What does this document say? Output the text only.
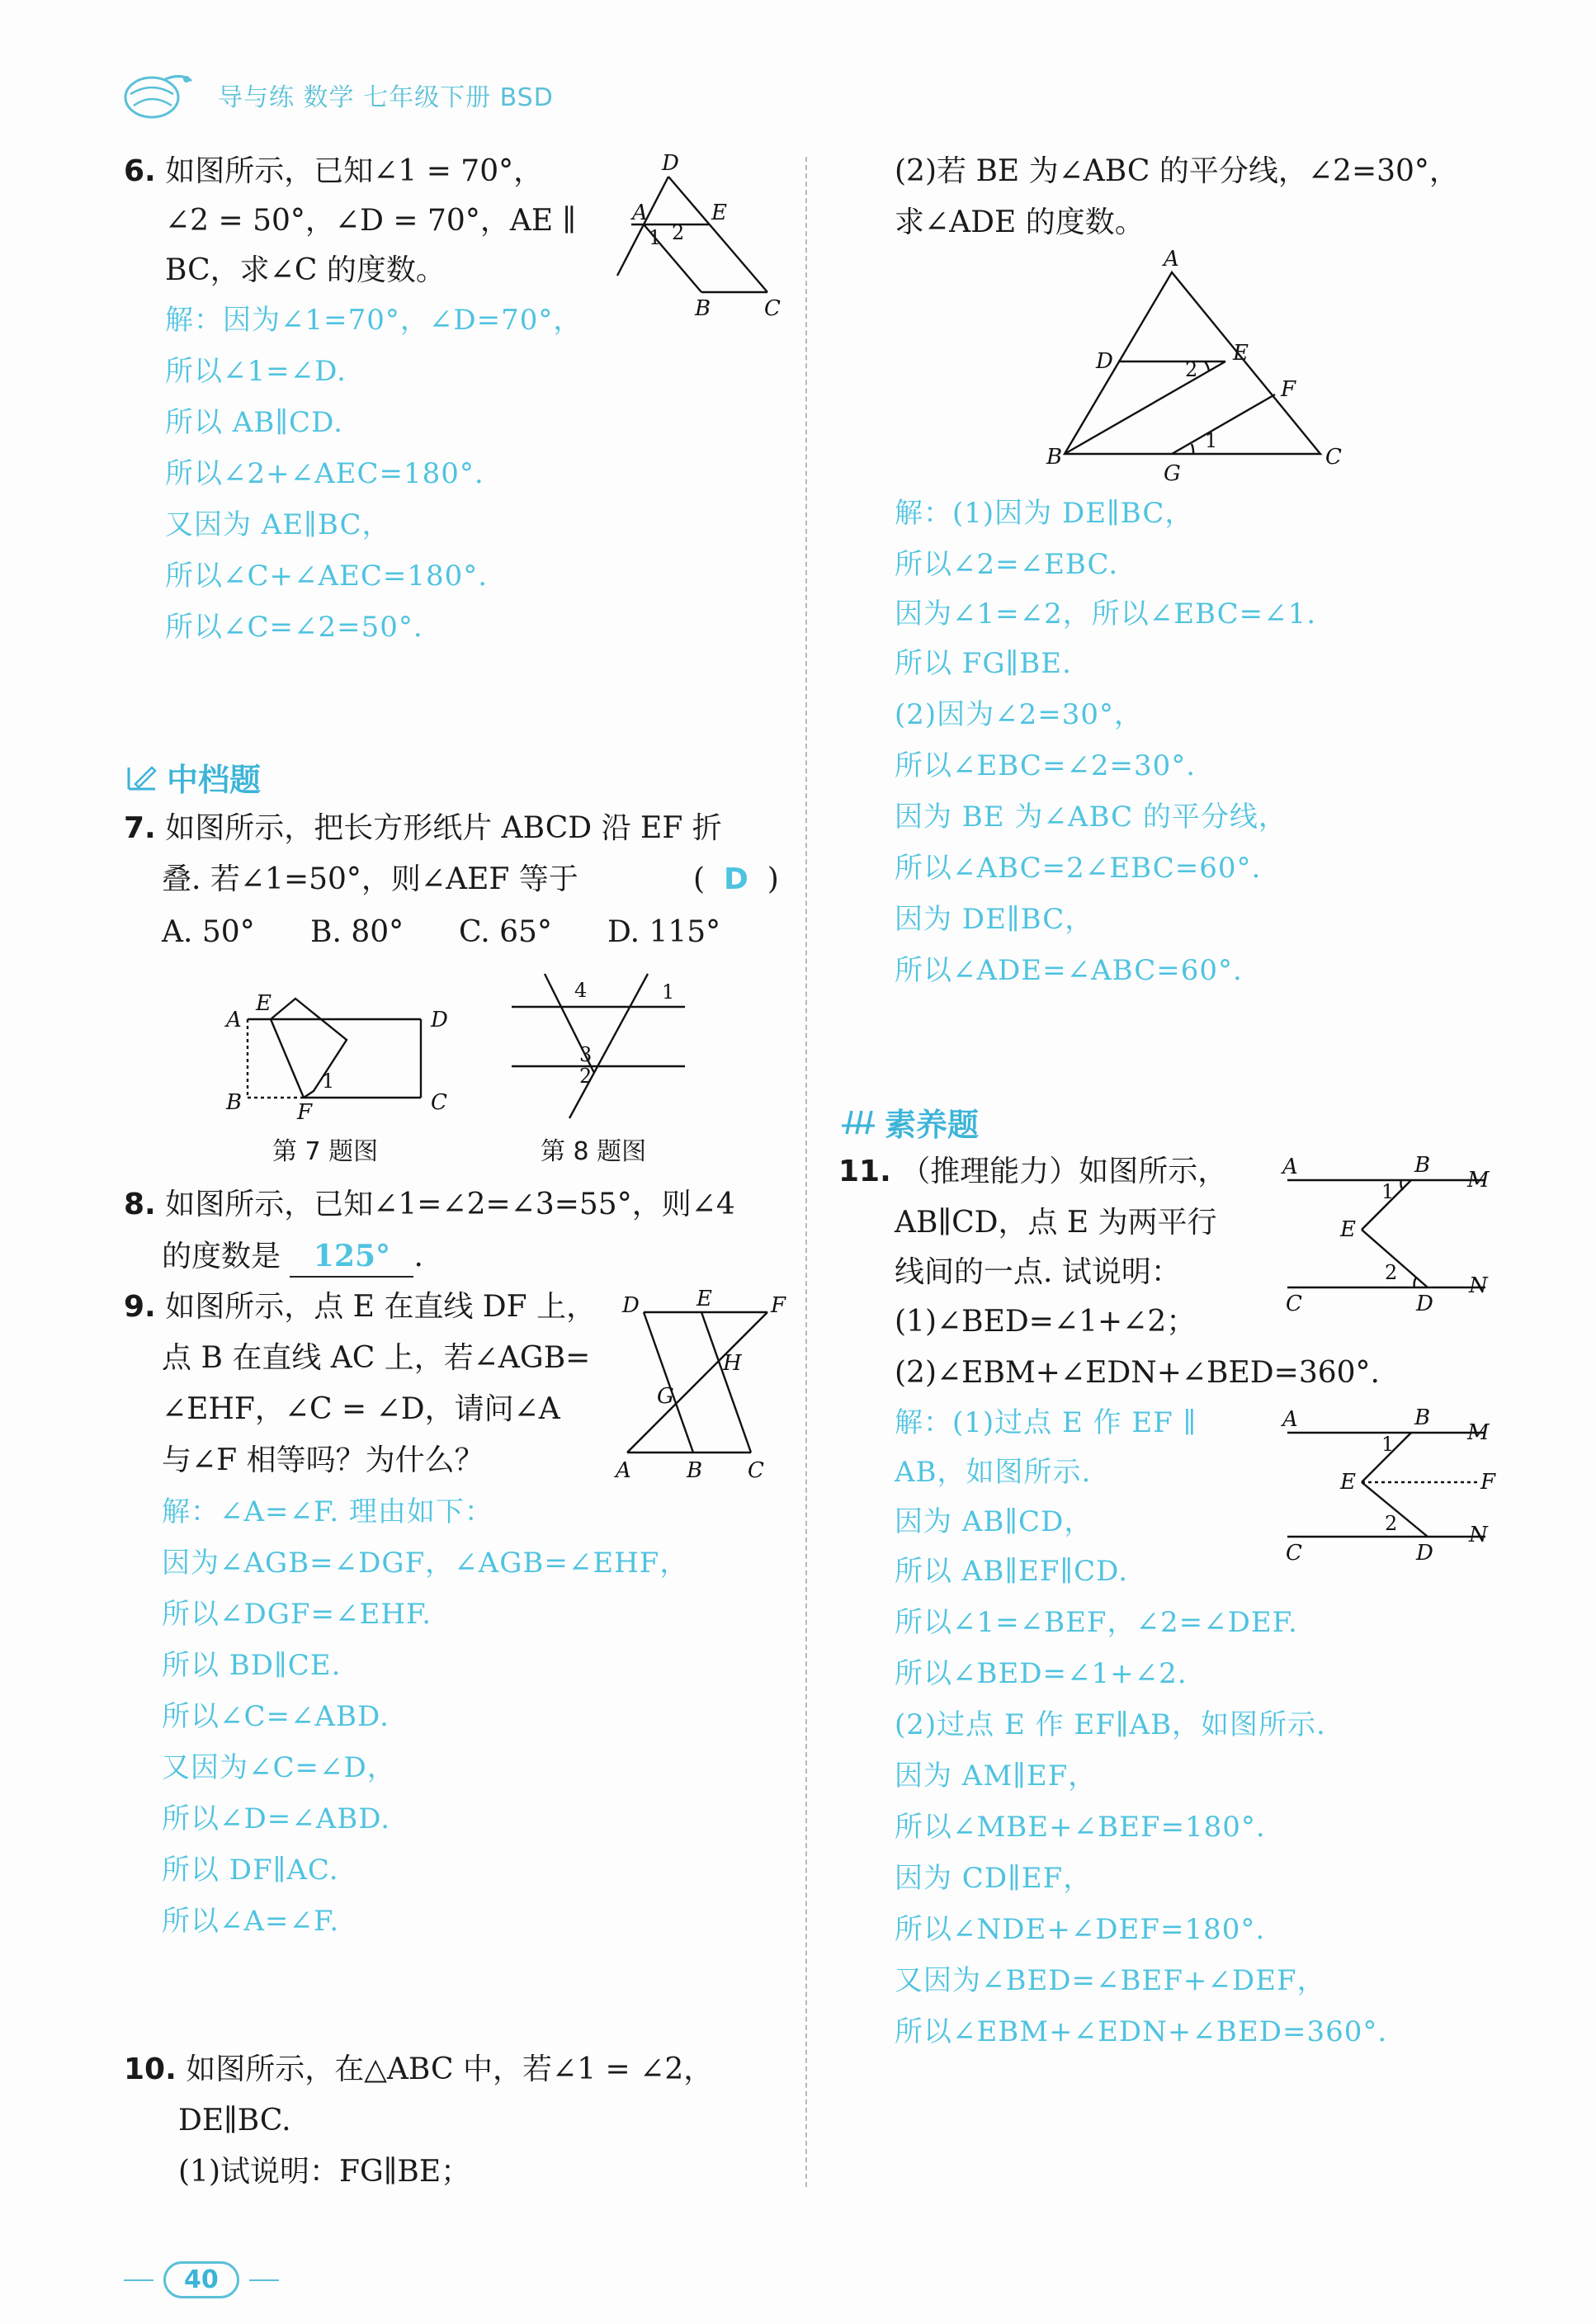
导与练 数学 七年级下册 BSD
6. 如图所示，已知∠1 = 70°，
∠2 = 50°，∠D = 70°，AE ∥
BC，求∠C 的度数。
解：因为∠1=70°，∠D=70°，
所以∠1=∠D.
所以 AB∥CD.
所以∠2+∠AEC=180°.
又因为 AE∥BC，
所以∠C+∠AEC=180°.
所以∠C=∠2=50°.
D
A	E
1 2
B C
中档题
7. 如图所示，把长方形纸片 ABCD 沿 EF 折
叠. 若∠1=50°，则∠AEF 等于	( D )
A. 50° B. 80° C. 65° D. 115°
A
E
D
B	F	C
1
第 7 题图
4	1
3
2
第 8 题图
8. 如图所示，已知∠1=∠2=∠3=55°，则∠4
的度数是 125° .
9. 如图所示，点 E 在直线 DF 上，
点 B 在直线 AC 上，若∠AGB=
∠EHF，∠C = ∠D，请问∠A
与∠F 相等吗？为什么？
解：∠A=∠F. 理由如下：
因为∠AGB=∠DGF，∠AGB=∠EHF，
所以∠DGF=∠EHF.
所以 BD∥CE.
所以∠C=∠ABD.
又因为∠C=∠D，
所以∠D=∠ABD.
所以 DF∥AC.
所以∠A=∠F.
D	E	F
H
G
A	B C
10. 如图所示，在△ABC 中，若∠1 = ∠2，
DE∥BC.
(1)试说明：FG∥BE；
(2)若 BE 为∠ABC 的平分线，∠2=30°，
求∠ADE 的度数。
A
D	E
F
B
G
C
2
1
解：(1)因为 DE∥BC，
所以∠2=∠EBC.
因为∠1=∠2，所以∠EBC=∠1.
所以 FG∥BE.
(2)因为∠2=30°，
所以∠EBC=∠2=30°.
因为 BE 为∠ABC 的平分线，
所以∠ABC=2∠EBC=60°.
因为 DE∥BC，
所以∠ADE=∠ABC=60°.
素养题
11. （推理能力）如图所示，
AB∥CD，点 E 为两平行
线间的一点. 试说明：
(1)∠BED=∠1+∠2；
(2)∠EBM+∠EDN+∠BED=360°.
A	B
M
E
C	D
N
1
2
解：(1)过点 E 作 EF ∥
AB，如图所示.
因为 AB∥CD，
所以 AB∥EF∥CD.
所以∠1=∠BEF，∠2=∠DEF.
所以∠BED=∠1+∠2.
(2)过点 E 作 EF∥AB，如图所示.
因为 AM∥EF，
所以∠MBE+∠BEF=180°.
因为 CD∥EF，
所以∠NDE+∠DEF=180°.
又因为∠BED=∠BEF+∠DEF，
所以∠EBM+∠EDN+∠BED=360°.
A	B
M
E	F
C	D
N
1
2
40
